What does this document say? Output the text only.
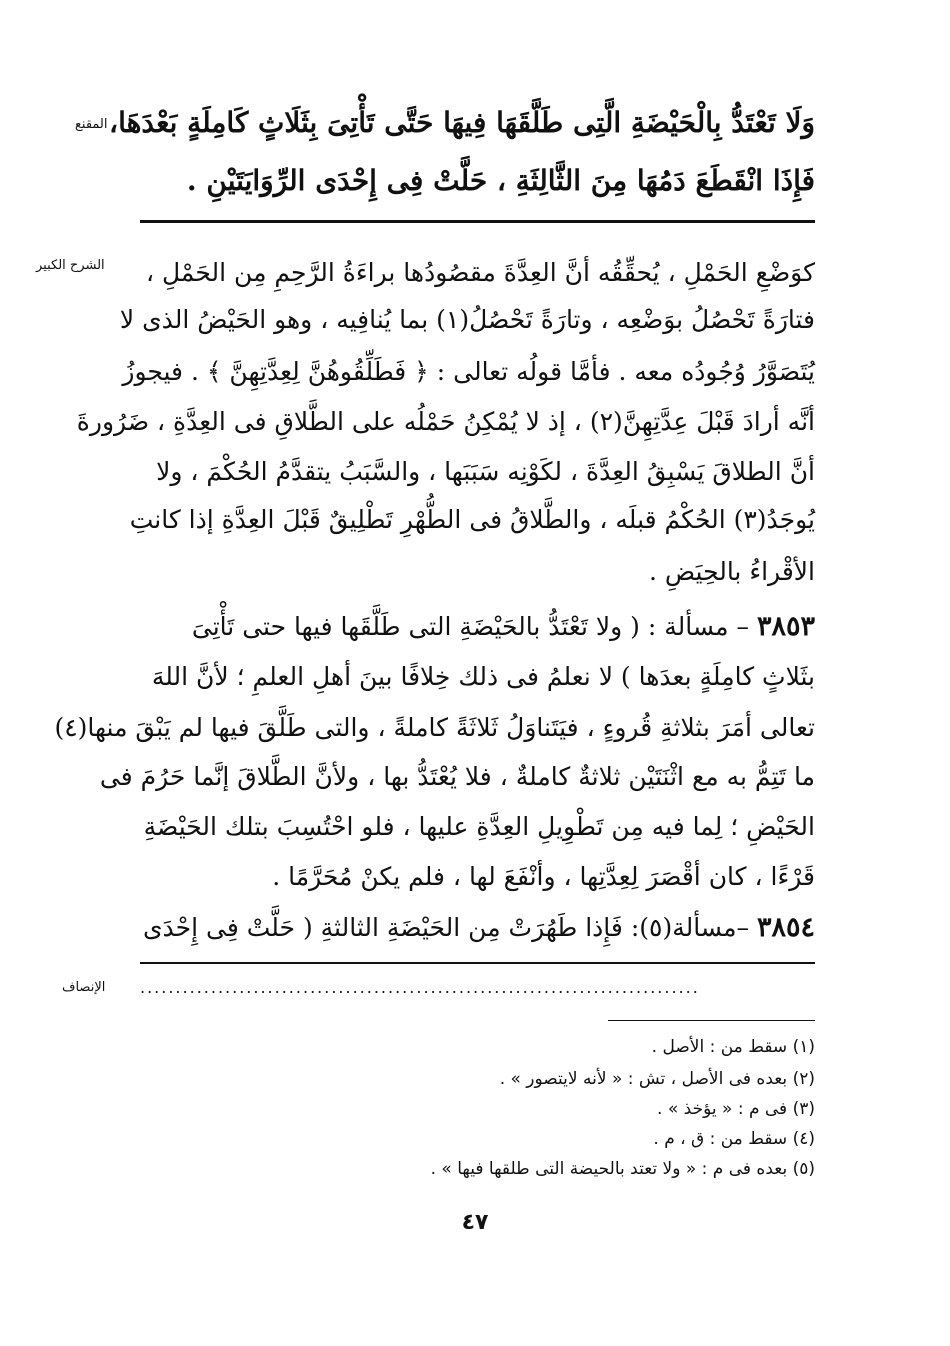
المقنع
الشرح الكبير
الإنصاف
وَلَا تَعْتَدُّ بِالْحَيْضَةِ الَّتِى طَلَّقَهَا فِيهَا حَتَّى تَأْتِىَ بِثَلَاثٍ كَامِلَةٍ بَعْدَهَا،
فَإِذَا انْقَطَعَ دَمُهَا مِنَ الثَّالِثَةِ ، حَلَّتْ فِى إِحْدَى الرِّوَايَتَيْنِ .
كوَضْعِ الحَمْلِ ، يُحقِّقُه أنَّ العِدَّةَ مقصُودُها براءَةُ الرَّحِمِ مِن الحَمْلِ ،
فتارَةً تَحْصُلُ بوَضْعِه ، وتارَةً تَحْصُلُ(١) بما يُنافِيه ، وهو الحَيْضُ الذى لا
يُتَصَوَّرُ وُجُودُه معه . فأمَّا قولُه تعالى : ﴿ فَطَلِّقُوهُنَّ لِعِدَّتِهِنَّ ﴾ . فيجوزُ
أنَّه أرادَ قَبْلَ عِدَّتِهِنَّ(٢) ، إذ لا يُمْكِنُ حَمْلُه على الطَّلاقِ فى العِدَّةِ ، ضَرُورةَ
أنَّ الطلاقَ يَسْبِقُ العِدَّةَ ، لكَوْنِه سَبَبَها ، والسَّبَبُ يتقدَّمُ الحُكْمَ ، ولا
يُوجَدُ(٣) الحُكْمُ قبلَه ، والطَّلاقُ فى الطُّهْرِ تَطْلِيقٌ قَبْلَ العِدَّةِ إذا كانتِ
الأقْراءُ بالحِيَضِ .
٣٨٥٣ – مسألة : ( ولا تَعْتَدُّ بالحَيْضَةِ التى طَلَّقَها فيها حتى تَأْتِىَ
بثَلاثٍ كامِلَةٍ بعدَها ) لا نعلمُ فى ذلك خِلافًا بينَ أهلِ العلمِ ؛ لأنَّ اللهَ
تعالى أمَرَ بثلاثةِ قُروءٍ ، فيَتَناوَلُ ثَلاثَةً كاملةً ، والتى طَلَّقَ فيها لم يَبْقَ منها(٤)
ما تَتِمُّ به مع اثْنَتَيْن ثلاثةٌ كاملةٌ ، فلا يُعْتَدُّ بها ، ولأنَّ الطَّلاقَ إنَّما حَرُمَ فى
الحَيْضِ ؛ لِما فيه مِن تَطْوِيلِ العِدَّةِ عليها ، فلو احْتُسِبَ بتلك الحَيْضَةِ
قَرْءًا ، كان أقْصَرَ لِعِدَّتِها ، وأنْفَعَ لها ، فلم يكنْ مُحَرَّمًا .
٣٨٥٤ –مسألة(٥): فَإِذا طَهُرَتْ مِن الحَيْضَةِ الثالثةِ ( حَلَّتْ فِى إِحْدَى
...............................................................................
(١) سقط من : الأصل .
(٢) بعده فى الأصل ، تش : « لأنه لايتصور » .
(٣) فى م : « يؤخذ » .
(٤) سقط من : ق ، م .
(٥) بعده فى م : « ولا تعتد بالحيضة التى طلقها فيها » .
٤٧
